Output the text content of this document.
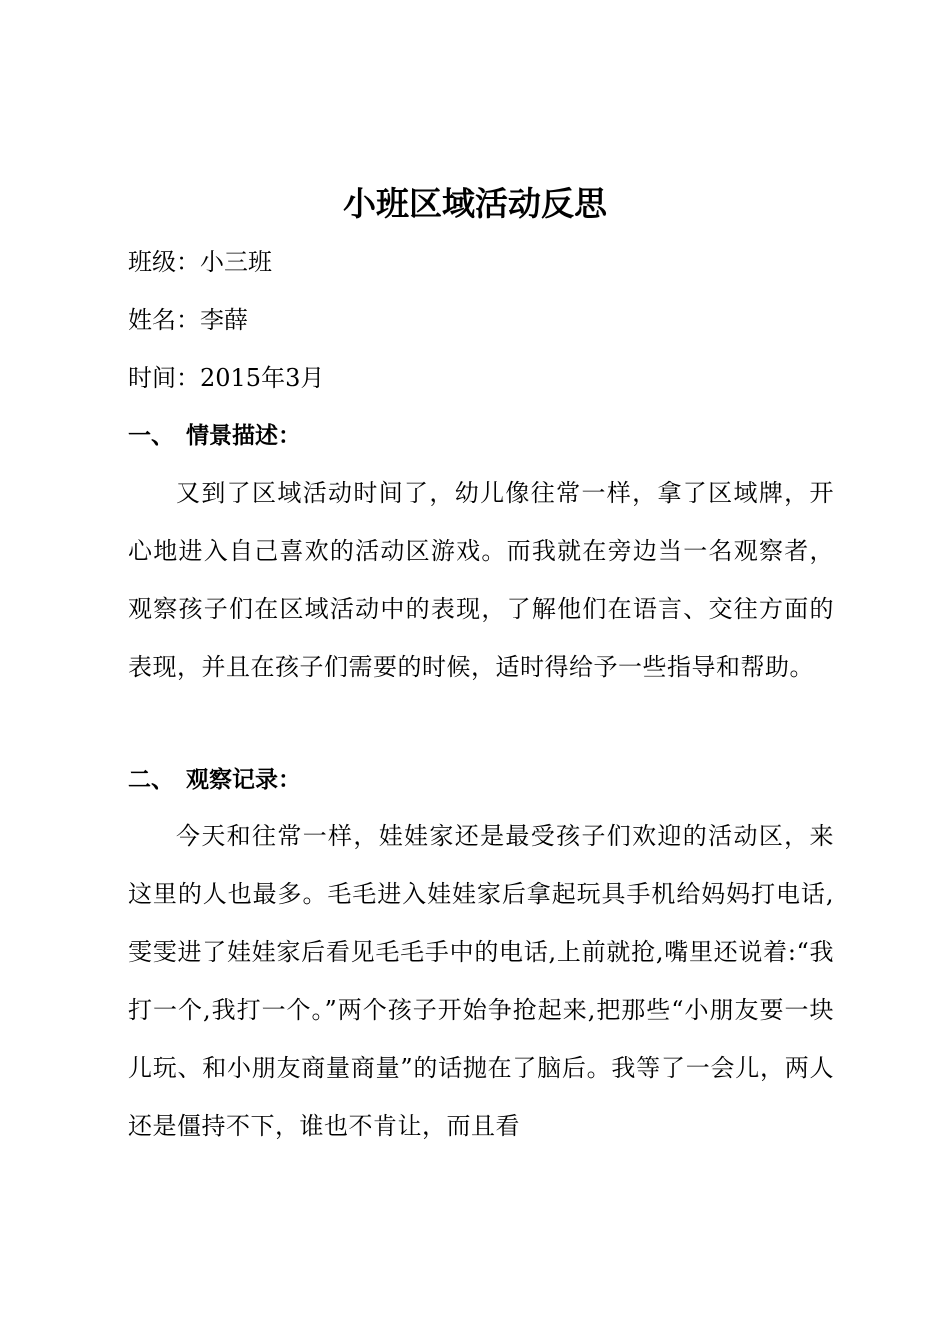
小班区域活动反思
班级：小三班
姓名：李薛
时间：2015年3月
一、 情景描述：

又到了区域活动时间了，幼儿像往常一样，拿了区域牌，开心地进入自己喜欢的活动区游戏。而我就在旁边当一名观察者，观察孩子们在区域活动中的表现，了解他们在语言、交往方面的表现，并且在孩子们需要的时候，适时得给予一些指导和帮助。

二、 观察记录：

今天和往常一样，娃娃家还是最受孩子们欢迎的活动区，来这里的人也最多。毛毛进入娃娃家后拿起玩具手机给妈妈打电话,雯雯进了娃娃家后看见毛毛手中的电话,上前就抢,嘴里还说着:“我打一个,我打一个。”两个孩子开始争抢起来,把那些“小朋友要一块儿玩、和小朋友商量商量”的话抛在了脑后。我等了一会儿，两人还是僵持不下，谁也不肯让，而且看
